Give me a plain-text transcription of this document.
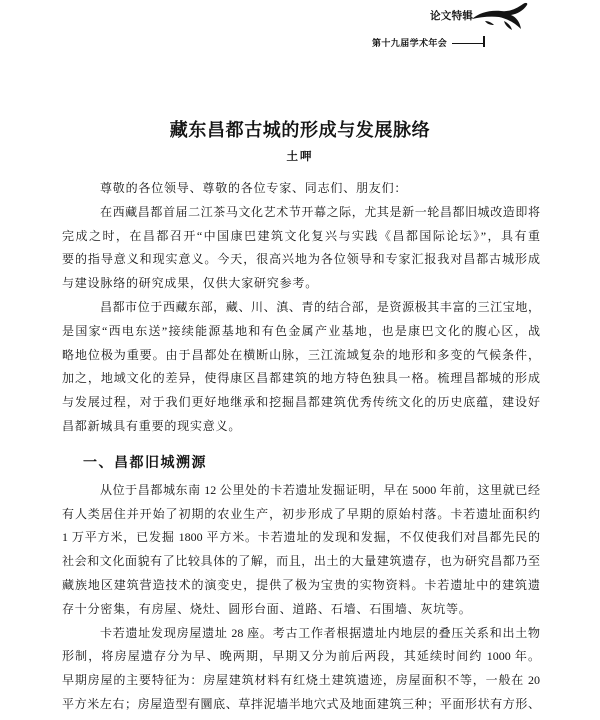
论文特辑
第十九届学术年会
藏东昌都古城的形成与发展脉络
土呷
尊敬的各位领导、尊敬的各位专家、同志们、朋友们：
在西藏昌都首届二江茶马文化艺术节开幕之际，尤其是新一轮昌都旧城改造即将
完成之时，在昌都召开“中国康巴建筑文化复兴与实践《昌都国际论坛》”，具有重
要的指导意义和现实意义。今天，很高兴地为各位领导和专家汇报我对昌都古城形成
与建设脉络的研究成果，仅供大家研究参考。
昌都市位于西藏东部，藏、川、滇、青的结合部，是资源极其丰富的三江宝地，
是国家“西电东送”接续能源基地和有色金属产业基地，也是康巴文化的腹心区，战
略地位极为重要。由于昌都处在横断山脉，三江流域复杂的地形和多变的气候条件，
加之，地域文化的差异，使得康区昌都建筑的地方特色独具一格。梳理昌都城的形成
与发展过程，对于我们更好地继承和挖掘昌都建筑优秀传统文化的历史底蕴，建设好
昌都新城具有重要的现实意义。
一、昌都旧城溯源
从位于昌都城东南 12 公里处的卡若遗址发掘证明，早在 5000 年前，这里就已经
有人类居住并开始了初期的农业生产，初步形成了早期的原始村落。卡若遗址面积约
1 万平方米，已发掘 1800 平方米。卡若遗址的发现和发掘，不仅使我们对昌都先民的
社会和文化面貌有了比较具体的了解，而且，出土的大量建筑遗存，也为研究昌都乃至
藏族地区建筑营造技术的演变史，提供了极为宝贵的实物资料。卡若遗址中的建筑遗
存十分密集，有房屋、烧灶、圆形台面、道路、石墙、石围墙、灰坑等。
卡若遗址发现房屋遗址 28 座。考古工作者根据遗址内地层的叠压关系和出土物
形制，将房屋遗存分为早、晚两期，早期又分为前后两段，其延续时间约 1000 年。
早期房屋的主要特征为：房屋建筑材料有红烧土建筑遗迹，房屋面积不等，一般在 20
平方米左右；房屋造型有圜底、草拌泥墙半地穴式及地面建筑三种；平面形状有方形、
